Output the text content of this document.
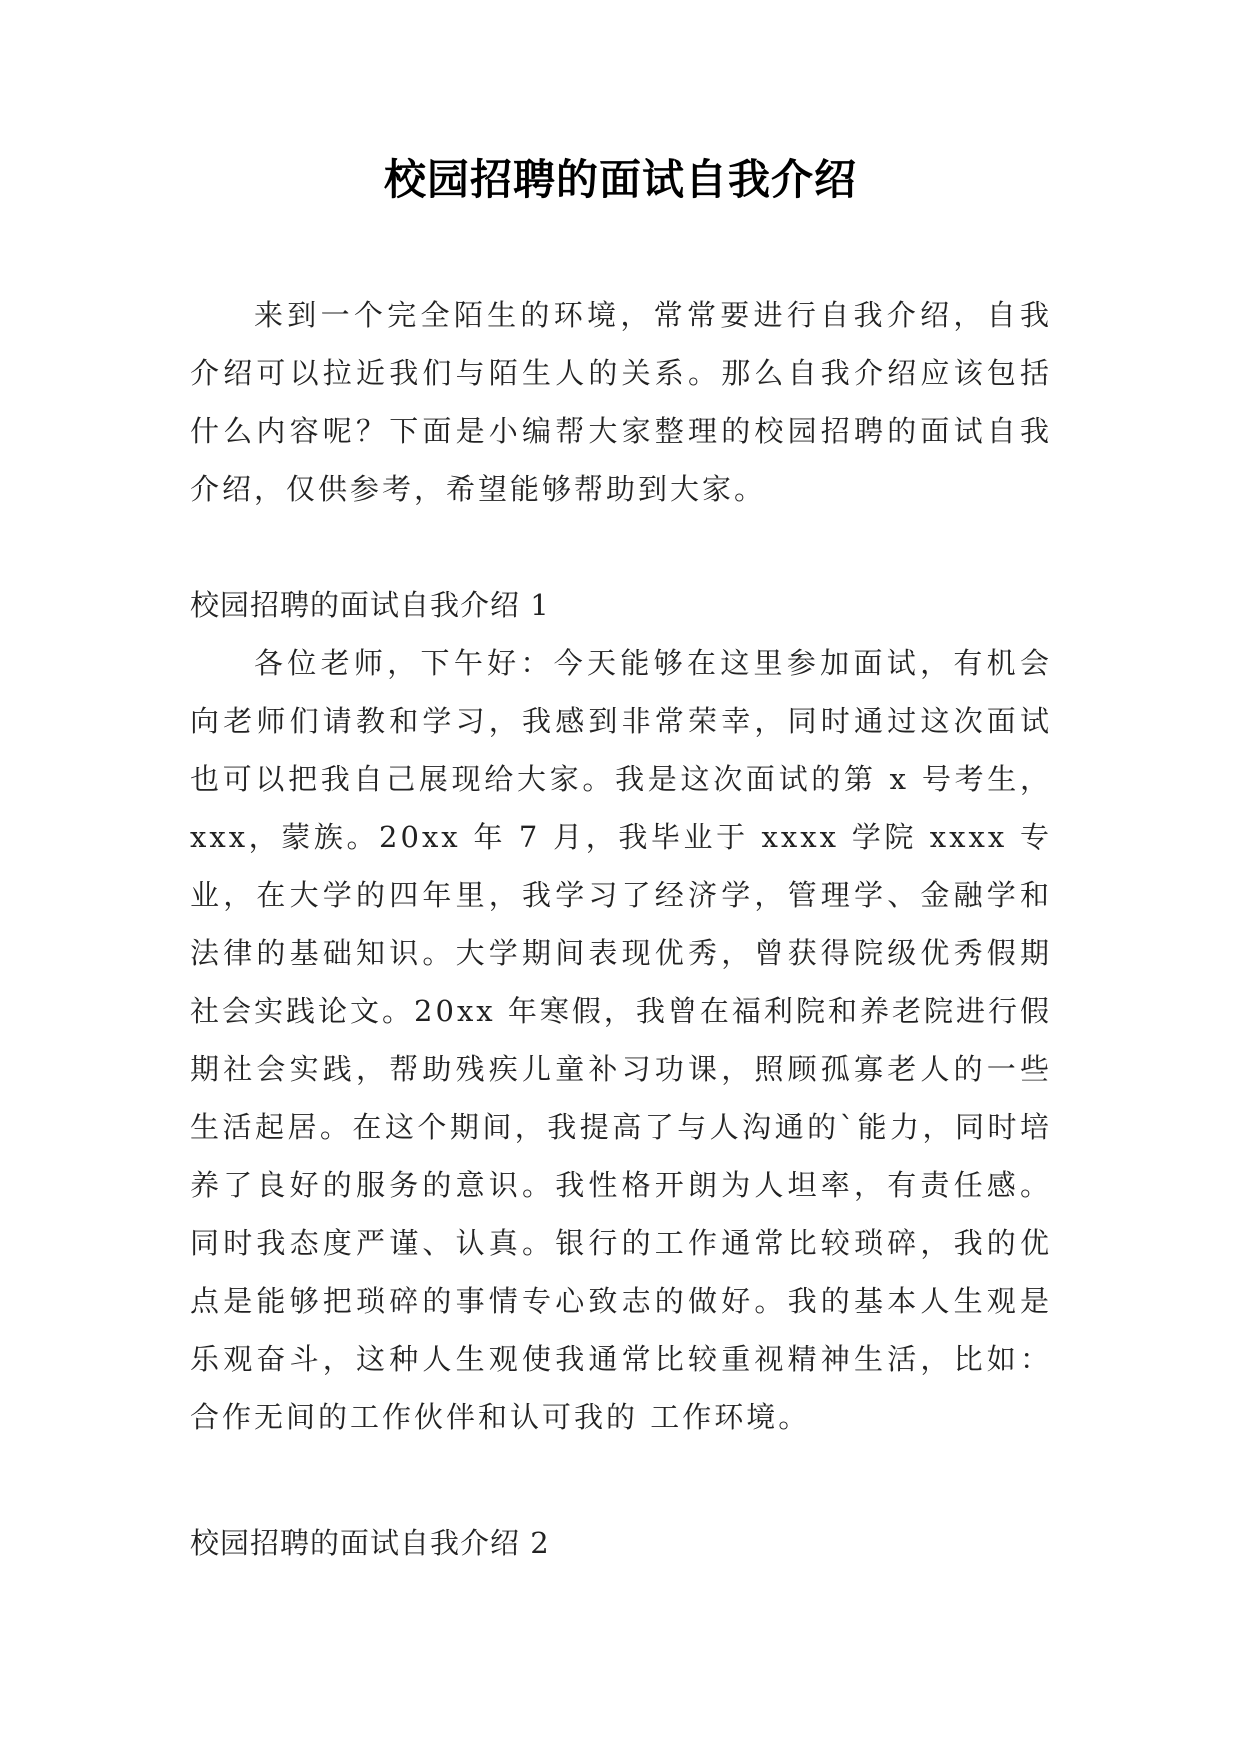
校园招聘的面试自我介绍
来到一个完全陌生的环境，常常要进行自我介绍，自我介绍可以拉近我们与陌生人的关系。那么自我介绍应该包括什么内容呢？下面是小编帮大家整理的校园招聘的面试自我介绍，仅供参考，希望能够帮助到大家。
校园招聘的面试自我介绍 1
各位老师，下午好：今天能够在这里参加面试，有机会向老师们请教和学习，我感到非常荣幸，同时通过这次面试也可以把我自己展现给大家。我是这次面试的第 x 号考生，xxx，蒙族。20xx 年 7 月，我毕业于 xxxx 学院 xxxx 专业，在大学的四年里，我学习了经济学，管理学、金融学和法律的基础知识。大学期间表现优秀，曾获得院级优秀假期社会实践论文。20xx 年寒假，我曾在福利院和养老院进行假期社会实践，帮助残疾儿童补习功课，照顾孤寡老人的一些生活起居。在这个期间，我提高了与人沟通的`能力，同时培养了良好的服务的意识。我性格开朗为人坦率，有责任感。同时我态度严谨、认真。银行的工作通常比较琐碎，我的优点是能够把琐碎的事情专心致志的做好。我的基本人生观是乐观奋斗，这种人生观使我通常比较重视精神生活，比如：合作无间的工作伙伴和认可我的 工作环境。
校园招聘的面试自我介绍 2
